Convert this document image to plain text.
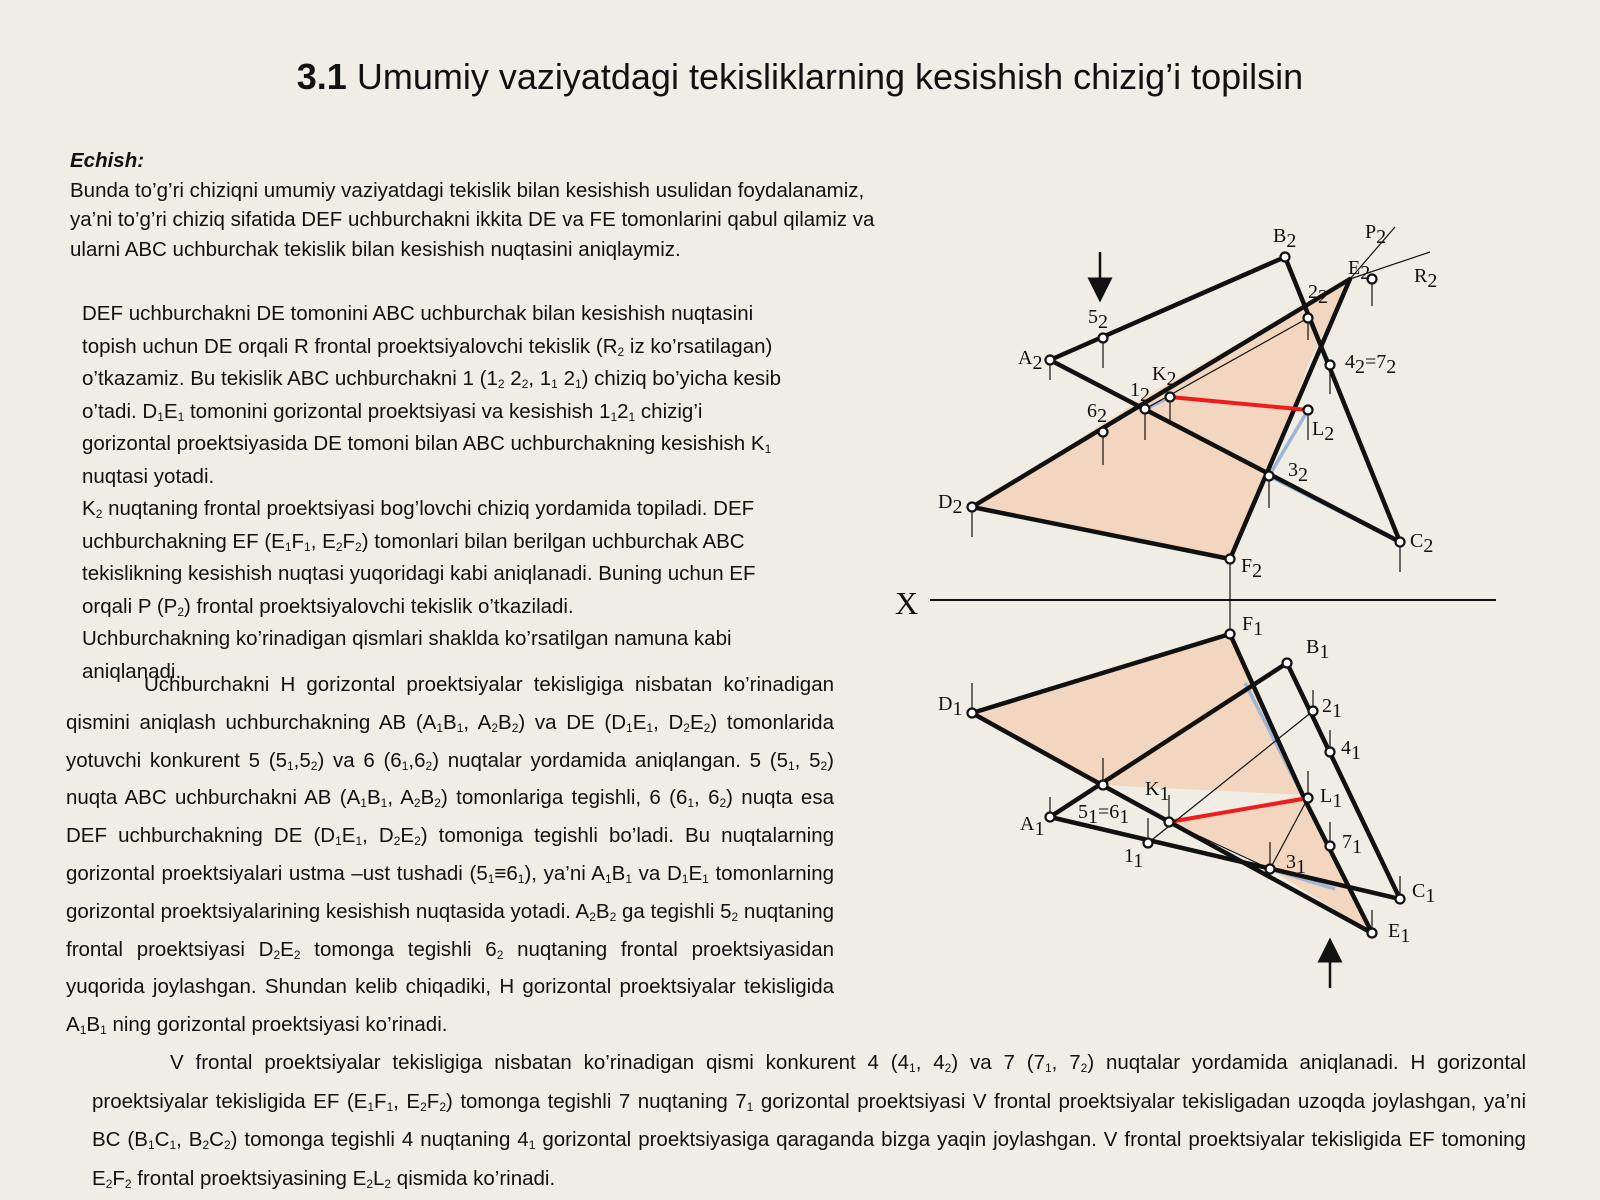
3.1 Umumiy vaziyatdagi tekisliklarning kesishish chizig’i topilsin
Echish:
Bunda to’g’ri chiziqni umumiy vaziyatdagi tekislik bilan kesishish usulidan foydalanamiz,
ya’ni to’g’ri chiziq sifatida DEF uchburchakni ikkita DE va FE tomonlarini qabul qilamiz va
ularni ABC uchburchak tekislik bilan kesishish nuqtasini aniqlaymiz.
DEF uchburchakni DE tomonini ABC uchburchak bilan kesishish nuqtasini
topish uchun DE orqali R frontal proektsiyalovchi tekislik ($R_2$ iz ko’rsatilagan)
o’tkazamiz. Bu tekislik ABC uchburchakni 1 ($1_2$ $2_2$, $1_1$ $2_1$) chiziq bo’yicha kesib
o’tadi. $D_1E_1$ tomonini gorizontal proektsiyasi va kesishish $1_12_1$ chizig’i
gorizontal proektsiyasida DE tomoni bilan ABC uchburchakning kesishish $K_1$
nuqtasi yotadi.
$K_2$ nuqtaning frontal proektsiyasi bog’lovchi chiziq yordamida topiladi. DEF
uchburchakning EF ($E_1F_1$, $E_2F_2$) tomonlari bilan berilgan uchburchak ABC
tekislikning kesishish nuqtasi yuqoridagi kabi aniqlanadi. Buning uchun EF
orqali P $(P_2)$ frontal proektsiyalovchi tekislik o’tkaziladi.
Uchburchakning ko’rinadigan qismlari shaklda ko’rsatilgan namuna kabi
aniqlanadi.
Uchburchakni H gorizontal proektsiyalar tekisligiga nisbatan ko’rinadigan qismini aniqlash uchburchakning AB ($A_1B_1$, $A_2B_2$) va DE ($D_1E_1$, $D_2E_2$) tomonlarida yotuvchi konkurent 5 $(5_1,5_2)$ va 6 $(6_1,6_2)$ nuqtalar yordamida aniqlangan. 5 ($5_1$, $5_2$) nuqta ABC uchburchakni AB ($A_1B_1$, $A_2B_2$) tomonlariga tegishli, 6 ($6_1$, $6_2$) nuqta esa DEF uchburchakning DE ($D_1E_1$, $D_2E_2$) tomoniga tegishli bo’ladi. Bu nuqtalarning gorizontal proektsiyalari ustma –ust tushadi $(5_1\equiv 6_1)$, ya’ni $A_1B_1$ va $D_1E_1$ tomonlarning gorizontal proektsiyalarining kesishish nuqtasida yotadi. $A_2B_2$ ga tegishli $5_2$ nuqtaning frontal proektsiyasi $D_2E_2$ tomonga tegishli $6_2$ nuqtaning frontal proektsiyasidan yuqorida joylashgan. Shundan kelib chiqadiki, H gorizontal proektsiyalar tekisligida $A_1B_1$ ning gorizontal proektsiyasi ko’rinadi.
V frontal proektsiyalar tekisligiga nisbatan ko’rinadigan qismi konkurent 4 ($4_1$, $4_2$) va 7 ($7_1$, $7_2$) nuqtalar yordamida aniqlanadi. H gorizontal proektsiyalar tekisligida EF ($E_1F_1$, $E_2F_2$) tomonga tegishli 7 nuqtaning $7_1$ gorizontal proektsiyasi V frontal proektsiyalar tekisligadan uzoqda joylashgan, ya’ni BC ($B_1C_1$, $B_2C_2$) tomonga tegishli 4 nuqtaning $4_1$ gorizontal proektsiyasiga qaraganda bizga yaqin joylashgan. V frontal proektsiyalar tekisligida EF tomoning $E_2F_2$ frontal proektsiyasining $E_2L_2$ qismida ko’rinadi.
X
B2	P2
E2 R2
22
52
A2	42=72
K2
12
62
L2
32
D2
C2
F2
F1
B1
D1	21
41
K1	L1
51=61
A1
71
11	31
C1
E1
